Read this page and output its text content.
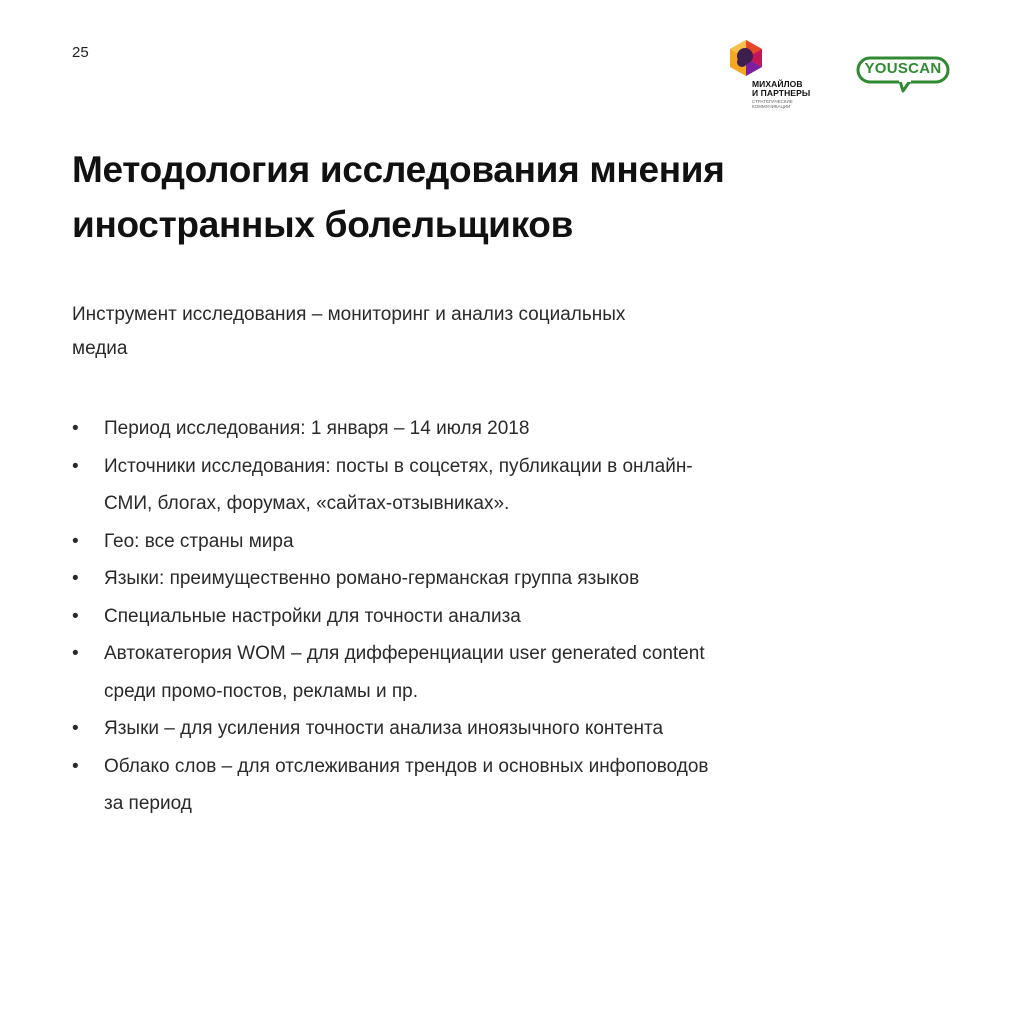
25
МИХАЙЛОВ
И ПАРТНЕРЫ
СТРАТЕГИЧЕСКИЕ
КОММУНИКАЦИИ
YOUSCAN
Методология исследования мнения иностранных болельщиков

Инструмент исследования – мониторинг и анализ социальных медиа

•	Период исследования: 1 января – 14 июля 2018
•	Источники исследования: посты в соцсетях, публикации в онлайн-СМИ, блогах, форумах, «сайтах-отзывниках».
•	Гео: все страны мира
•	Языки: преимущественно романо-германская группа языков
•	Специальные настройки для точности анализа
•	Автокатегория WOM – для дифференциации user generated content среди промо-постов, рекламы и пр.
•	Языки – для усиления точности анализа иноязычного контента
•	Облако слов – для отслеживания трендов и основных инфоповодов за период
